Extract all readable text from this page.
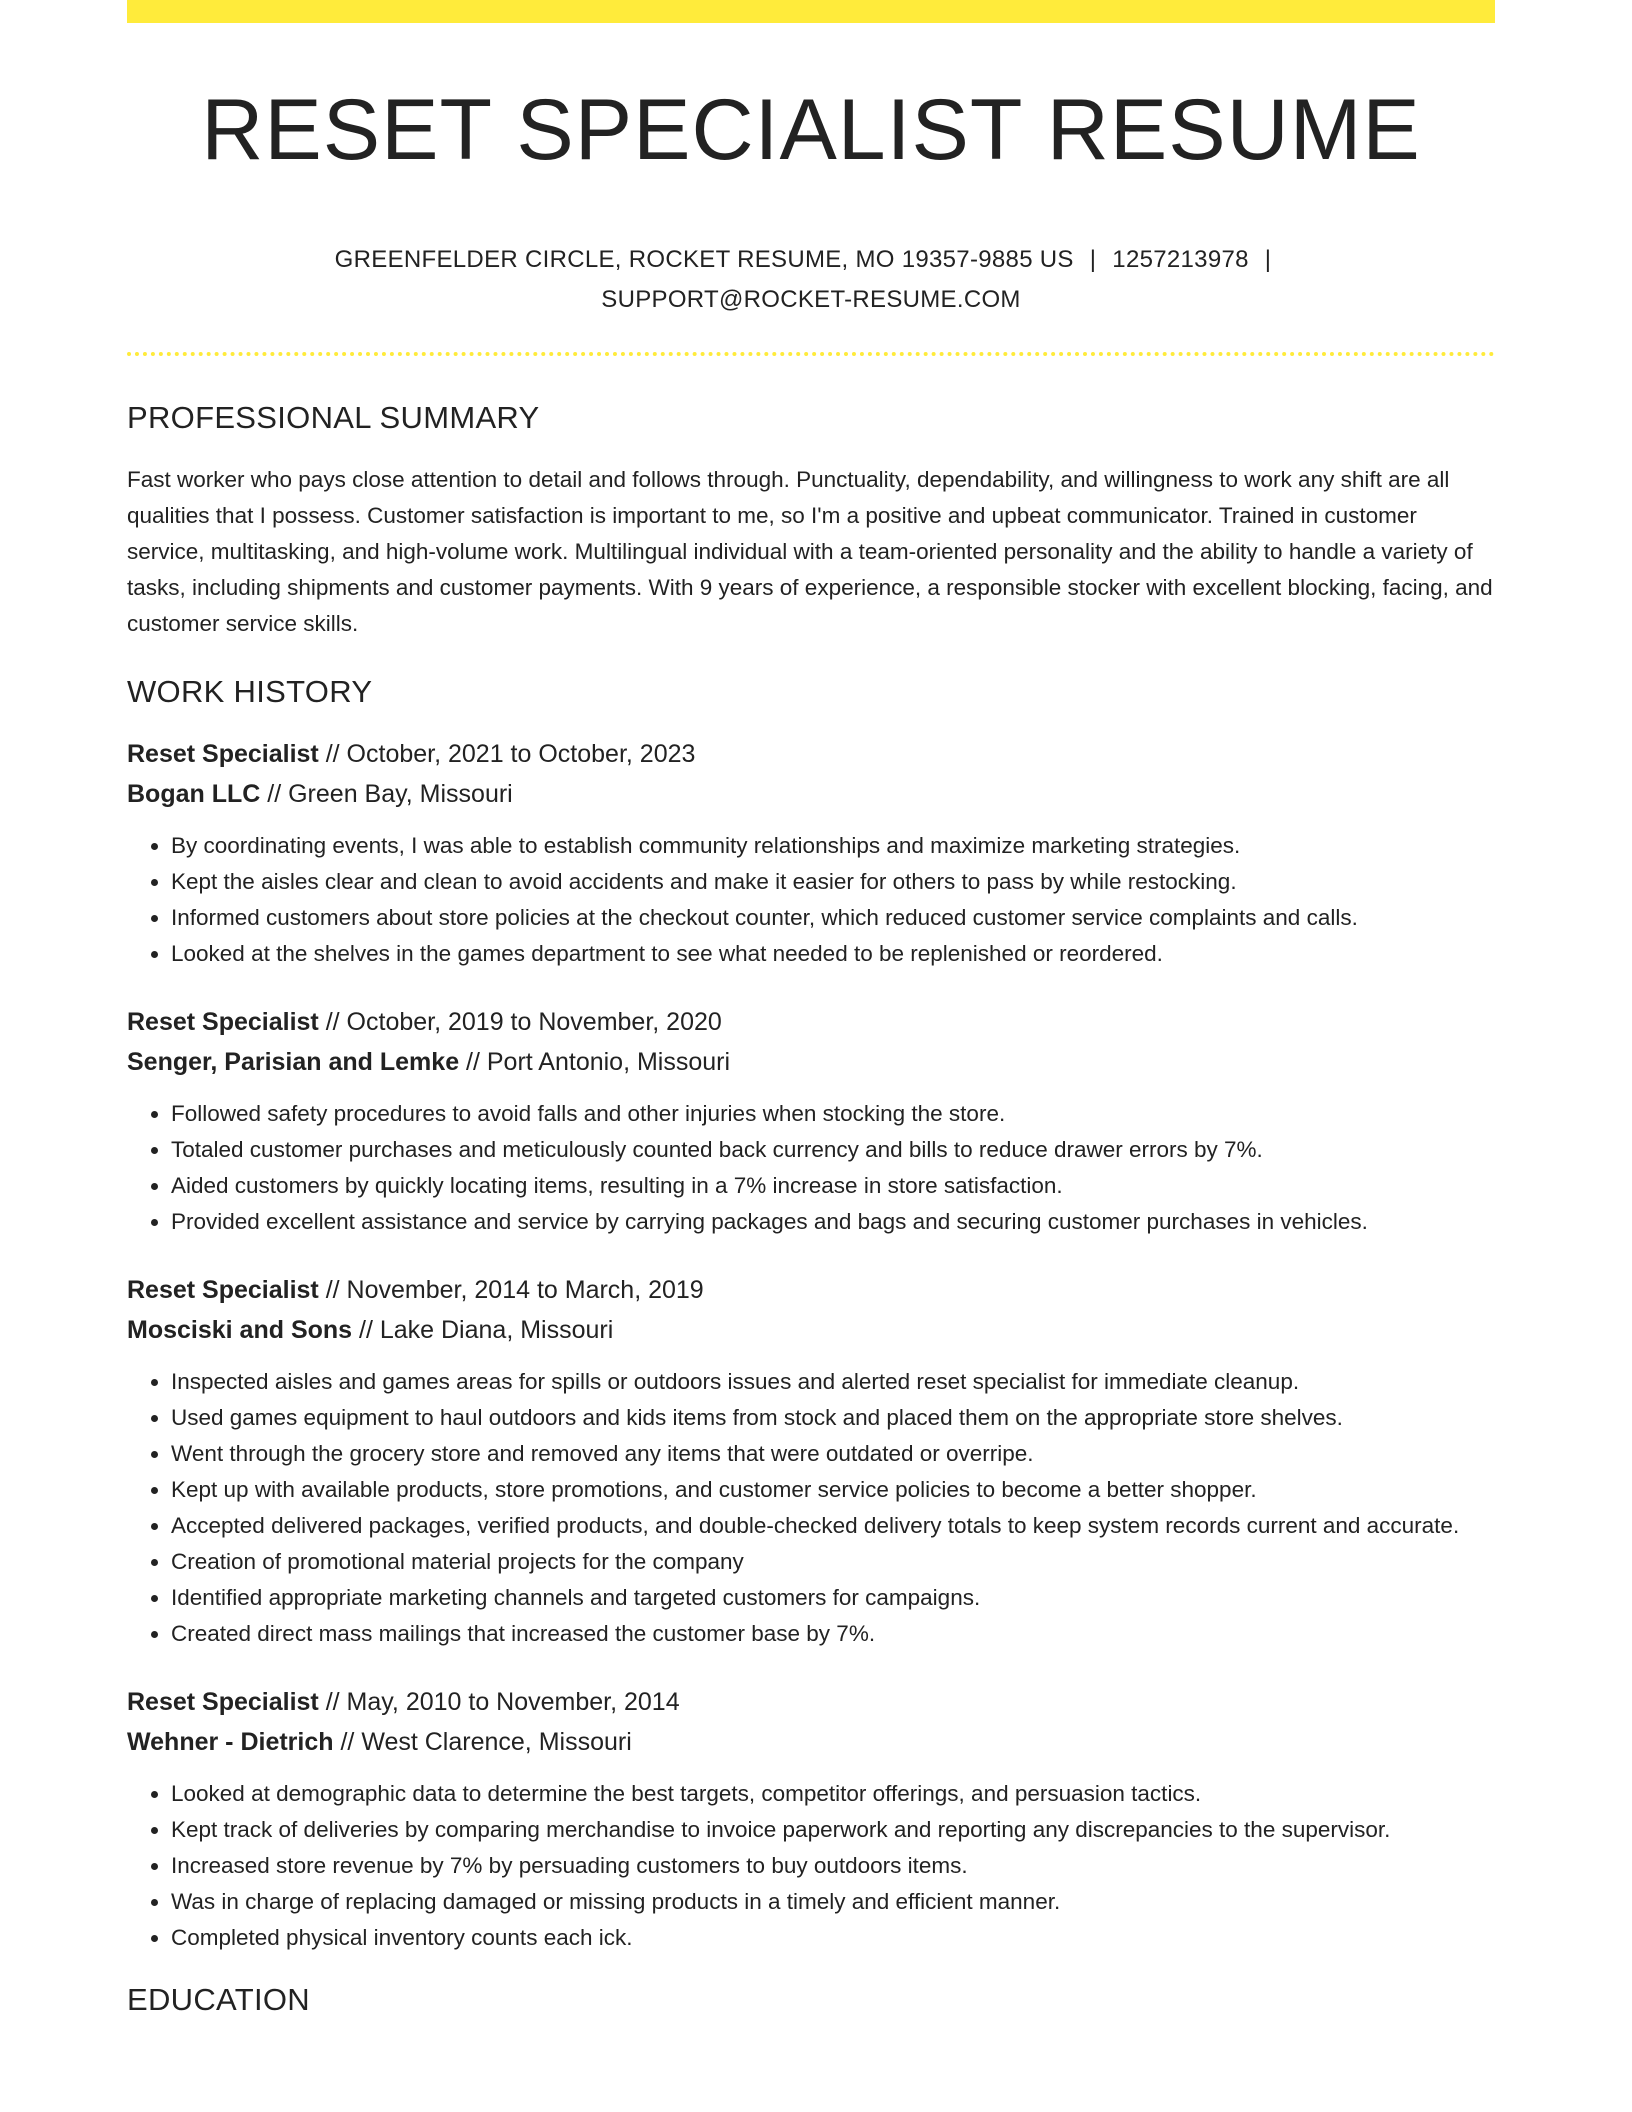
RESET SPECIALIST RESUME
GREENFELDER CIRCLE, ROCKET RESUME, MO 19357-9885 US | 1257213978 |
SUPPORT@ROCKET-RESUME.COM
PROFESSIONAL SUMMARY

Fast worker who pays close attention to detail and follows through. Punctuality, dependability, and willingness to work any shift are all qualities that I possess. Customer satisfaction is important to me, so I'm a positive and upbeat communicator. Trained in customer service, multitasking, and high-volume work. Multilingual individual with a team-oriented personality and the ability to handle a variety of tasks, including shipments and customer payments. With 9 years of experience, a responsible stocker with excellent blocking, facing, and customer service skills.

WORK HISTORY
Reset Specialist // October, 2021 to October, 2023
Bogan LLC // Green Bay, Missouri
• By coordinating events, I was able to establish community relationships and maximize marketing strategies.
• Kept the aisles clear and clean to avoid accidents and make it easier for others to pass by while restocking.
• Informed customers about store policies at the checkout counter, which reduced customer service complaints and calls.
• Looked at the shelves in the games department to see what needed to be replenished or reordered.
Reset Specialist // October, 2019 to November, 2020
Senger, Parisian and Lemke // Port Antonio, Missouri
• Followed safety procedures to avoid falls and other injuries when stocking the store.
• Totaled customer purchases and meticulously counted back currency and bills to reduce drawer errors by 7%.
• Aided customers by quickly locating items, resulting in a 7% increase in store satisfaction.
• Provided excellent assistance and service by carrying packages and bags and securing customer purchases in vehicles.
Reset Specialist // November, 2014 to March, 2019
Mosciski and Sons // Lake Diana, Missouri
• Inspected aisles and games areas for spills or outdoors issues and alerted reset specialist for immediate cleanup.
• Used games equipment to haul outdoors and kids items from stock and placed them on the appropriate store shelves.
• Went through the grocery store and removed any items that were outdated or overripe.
• Kept up with available products, store promotions, and customer service policies to become a better shopper.
• Accepted delivered packages, verified products, and double-checked delivery totals to keep system records current and accurate.
• Creation of promotional material projects for the company
• Identified appropriate marketing channels and targeted customers for campaigns.
• Created direct mass mailings that increased the customer base by 7%.
Reset Specialist // May, 2010 to November, 2014
Wehner - Dietrich // West Clarence, Missouri
• Looked at demographic data to determine the best targets, competitor offerings, and persuasion tactics.
• Kept track of deliveries by comparing merchandise to invoice paperwork and reporting any discrepancies to the supervisor.
• Increased store revenue by 7% by persuading customers to buy outdoors items.
• Was in charge of replacing damaged or missing products in a timely and efficient manner.
• Completed physical inventory counts each ick.
EDUCATION
